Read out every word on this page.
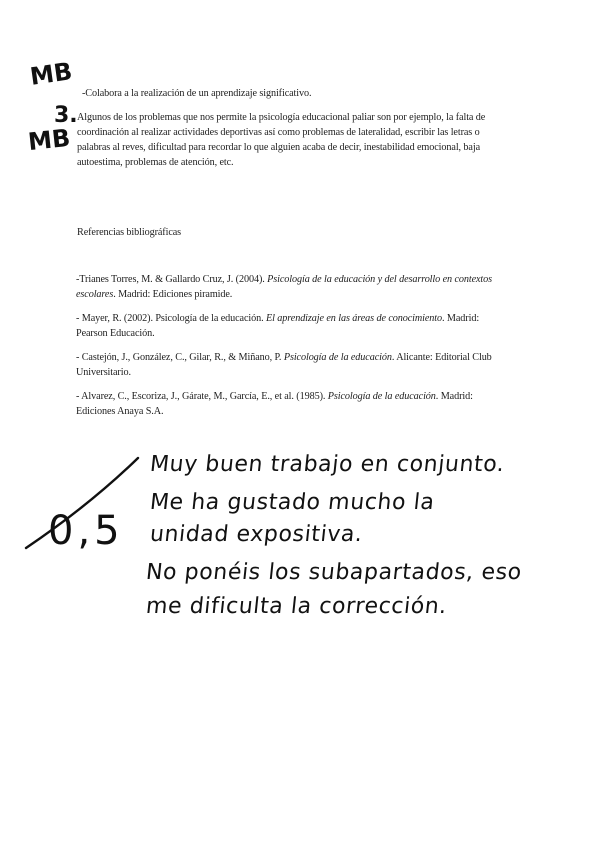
MB
3.
MB
-Colabora a la realización de un aprendizaje significativo.
Algunos de los problemas que nos permite la psicología educacional paliar son por ejemplo, la falta de coordinación al realizar actividades deportivas así como problemas de lateralidad, escribir las letras o palabras al reves, dificultad para recordar lo que alguien acaba de decir, inestabilidad emocional, baja autoestima, problemas de atención, etc.
Referencias bibliográficas
-Trianes Torres, M. & Gallardo Cruz, J. (2004). Psicología de la educación y del desarrollo en contextos escolares. Madrid: Ediciones piramide.
- Mayer, R. (2002). Psicología de la educación. El aprendizaje en las áreas de conocimiento. Madrid: Pearson Educación.
- Castejón, J., González, C., Gilar, R., & Miñano, P. Psicología de la educación. Alicante: Editorial Club Universitario.
- Alvarez, C., Escoriza, J., Gárate, M., García, E., et al. (1985). Psicología de la educación. Madrid: Ediciones Anaya S.A.
0,5
Muy buen trabajo en conjunto.
Me ha gustado mucho la
unidad expositiva.
No ponéis los subapartados, eso
me dificulta la corrección.
